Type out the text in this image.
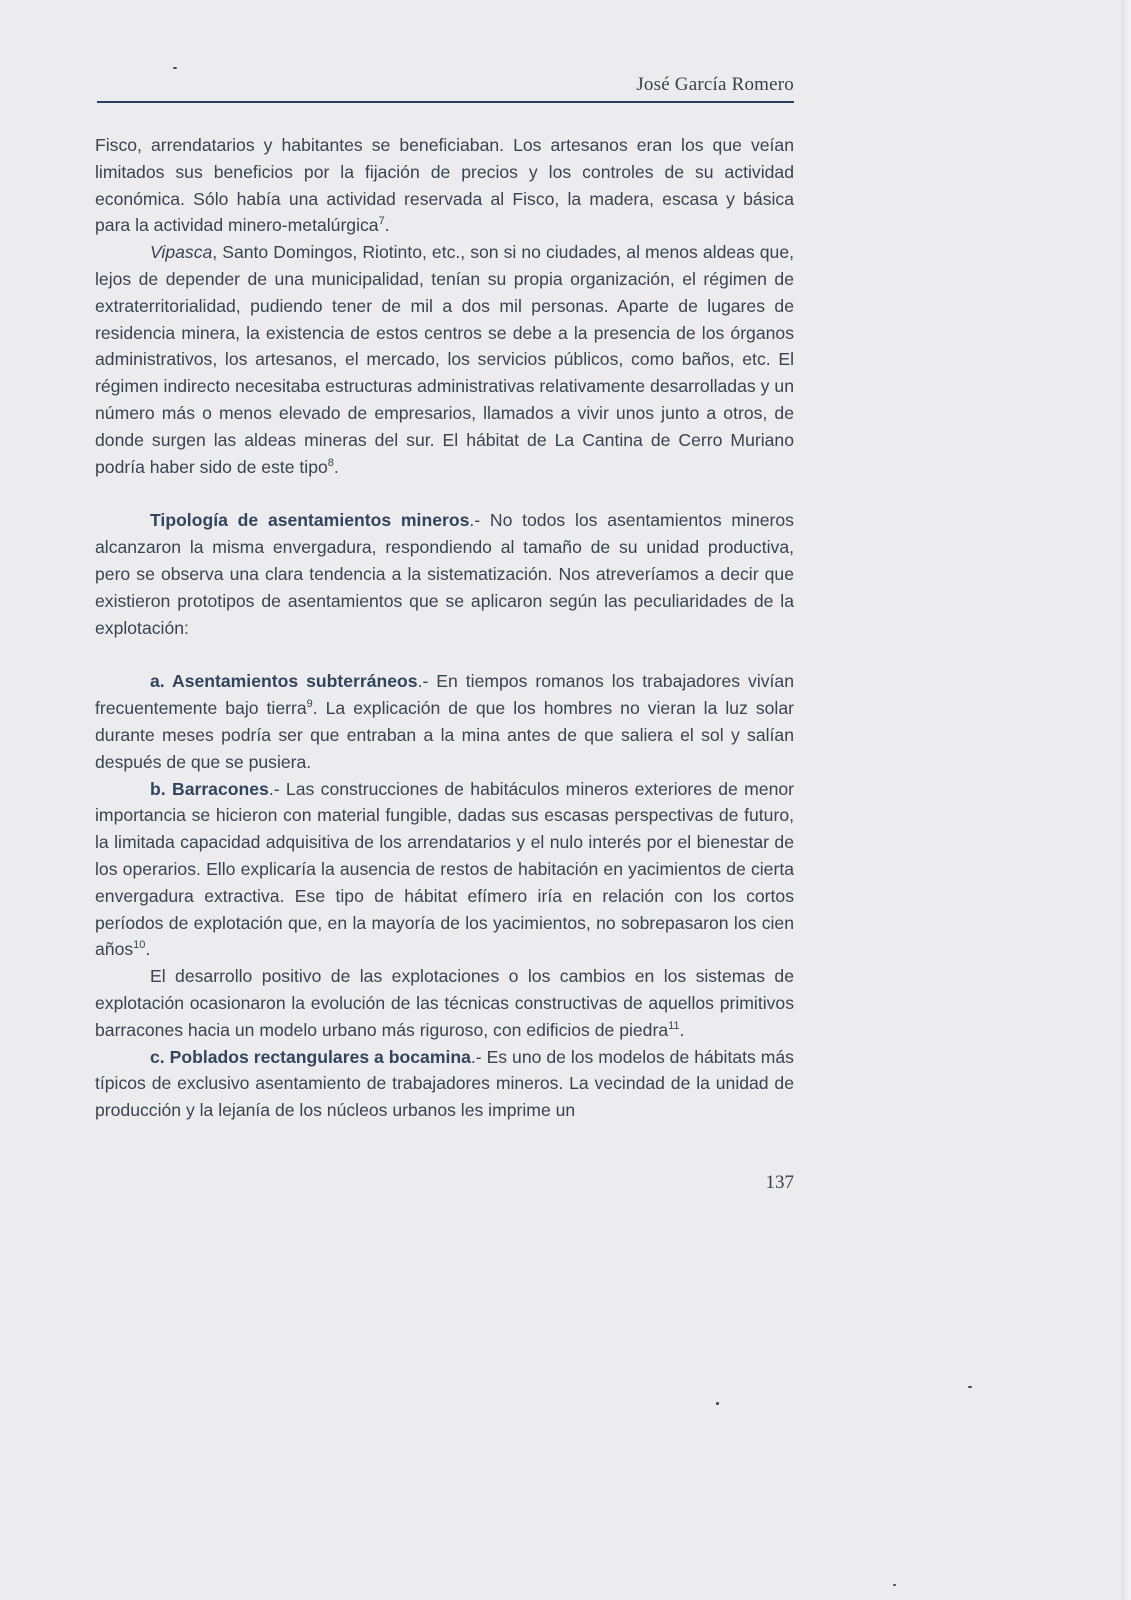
José García Romero

Fisco, arrendatarios y habitantes se beneficiaban. Los artesanos eran los que veían limitados sus beneficios por la fijación de precios y los controles de su actividad económica. Sólo había una actividad reservada al Fisco, la madera, escasa y básica para la actividad minero-metalúrgica$^7$.

Vipasca, Santo Domingos, Riotinto, etc., son si no ciudades, al menos aldeas que, lejos de depender de una municipalidad, tenían su propia organización, el régimen de extraterritorialidad, pudiendo tener de mil a dos mil personas. Aparte de lugares de residencia minera, la existencia de estos centros se debe a la presencia de los órganos administrativos, los artesanos, el mercado, los servicios públicos, como baños, etc. El régimen indirecto necesitaba estructuras administrativas relativamente desarrolladas y un número más o menos elevado de empresarios, llamados a vivir unos junto a otros, de donde surgen las aldeas mineras del sur. El hábitat de La Cantina de Cerro Muriano podría haber sido de este tipo$^8$.

Tipología de asentamientos mineros.- No todos los asentamientos mineros alcanzaron la misma envergadura, respondiendo al tamaño de su unidad productiva, pero se observa una clara tendencia a la sistematización. Nos atreveríamos a decir que existieron prototipos de asentamientos que se aplicaron según las peculiaridades de la explotación:

a. Asentamientos subterráneos.- En tiempos romanos los trabajadores vivían frecuentemente bajo tierra$^9$. La explicación de que los hombres no vieran la luz solar durante meses podría ser que entraban a la mina antes de que saliera el sol y salían después de que se pusiera.

b. Barracones.- Las construcciones de habitáculos mineros exteriores de menor importancia se hicieron con material fungible, dadas sus escasas perspectivas de futuro, la limitada capacidad adquisitiva de los arrendatarios y el nulo interés por el bienestar de los operarios. Ello explicaría la ausencia de restos de habitación en yacimientos de cierta envergadura extractiva. Ese tipo de hábitat efímero iría en relación con los cortos períodos de explotación que, en la mayoría de los yacimientos, no sobrepasaron los cien años$^{10}$.

El desarrollo positivo de las explotaciones o los cambios en los sistemas de explotación ocasionaron la evolución de las técnicas constructivas de aquellos primitivos barracones hacia un modelo urbano más riguroso, con edificios de piedra$^{11}$.

c. Poblados rectangulares a bocamina.- Es uno de los modelos de hábitats más típicos de exclusivo asentamiento de trabajadores mineros. La vecindad de la unidad de producción y la lejanía de los núcleos urbanos les imprime un

137
